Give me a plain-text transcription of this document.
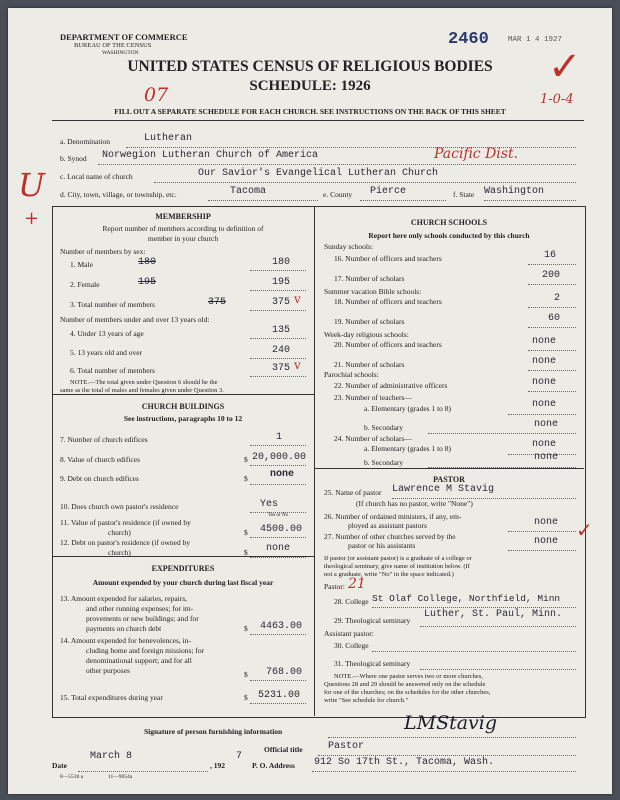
DEPARTMENT OF COMMERCE
BUREAU OF THE CENSUS
WASHINGTON
2460	MAR 1 4 1927
✓
UNITED STATES CENSUS OF RELIGIOUS BODIES
SCHEDULE: 1926
07	1-0-4
FILL OUT A SEPARATE SCHEDULE FOR EACH CHURCH. SEE INSTRUCTIONS ON THE BACK OF THIS SHEET
a. Denomination	Lutheran
b. Synod Norwegion Lutheran Church of America	Pacific Dist.
c. Local name of church	Our Savior's Evangelical Lutheran Church
U
+
d. City, town, village, or township, etc.	Tacoma	e. County Pierce	f. State Washington
MEMBERSHIP
Report number of members according to definition of
member in your church
Number of members by sex:
1. Male	180	180
2. Female	195	195
3. Total number of members	375	375 v
Number of members under and over 13 years old:
4. Under 13 years of age	135
5. 13 years old and over	240
6. Total number of members	375 v
NOTE.—The total given under Question 6 should be the
same as the total of males and females given under Question 3.
CHURCH BUILDINGS
See instructions, paragraphs 10 to 12
7. Number of church edifices	1
8. Value of church edifices	$ 20,000.00
9. Debt on church edifices	$ none
10. Does church own pastor's residence	Yes
Yes or No
11. Value of pastor's residence (if owned by
church)	$ 4500.00
12. Debt on pastor's residence (if owned by
church)	$ none
EXPENDITURES
Amount expended by your church during last fiscal year
13. Amount expended for salaries, repairs,
and other running expenses; for im-
provements or new buildings; and for
payments on church debt	$ 4463.00
14. Amount expended for benevolences, in-
cluding home and foreign missions; for
denominational support; and for all
other purposes	$ 768.00
15. Total expenditures during year	$ 5231.00
CHURCH SCHOOLS
Report here only schools conducted by this church
Sunday schools:
16. Number of officers and teachers	16
17. Number of scholars	200
Summer vacation Bible schools:
18. Number of officers and teachers	2
19. Number of scholars	60
Week-day religious schools:
20. Number of officers and teachers	none
21. Number of scholars	none
Parochial schools:
22. Number of administrative officers	none
23. Number of teachers—
a. Elementary (grades 1 to 8)	none
b. Secondary	none
24. Number of scholars—
a. Elementary (grades 1 to 8)	none
b. Secondary	none
PASTOR
25. Name of pastor Lawrence M Stavig
(If church has no pastor, write "None")
26. Number of ordained ministers, if any, em-
ployed as assistant pastors	none
27. Number of other churches served by the
pastor or his assistants	none ✓
If pastor (or assistant pastor) is a graduate of a college or
theological seminary, give name of institution below. (If
not a graduate, write "No" in the space indicated.)
Pastor: 21
28. College St Olaf College, Northfield, Minn
29. Theological seminary
Luther, St. Paul, Minn.
Assistant pastor:
30. College
31. Theological seminary
NOTE.—Where one pastor serves two or more churches,
Questions 28 and 29 should be answered only on the schedule
for one of the churches; on the schedules for the other churches,
write "See schedule for church."
Signature of person furnishing information	LMStavig
Official title	Pastor
Date
March 8
, 192
7
P. O. Address 912 So 17th St., Tacoma, Wash.
8—5518 a	11—9054a
